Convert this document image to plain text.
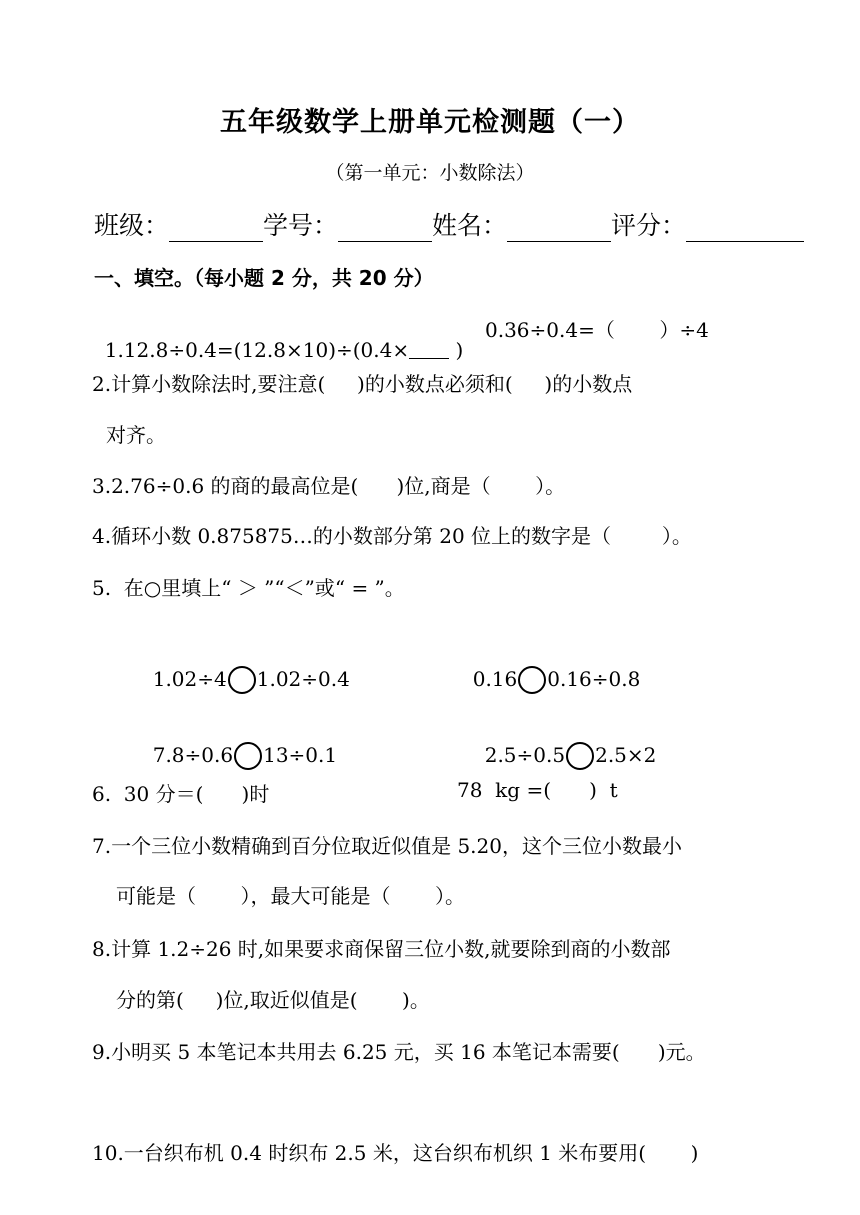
五年级数学上册单元检测题（一）
（第一单元：小数除法）
班级：	学号：	姓名：	评分：
一、填空。（每小题 2 分，共 20 分）

1.12.8÷0.4=(12.8×10)÷(0.4× )

0.36÷0.4=（       ）÷4
2.计算小数除法时,要注意(     )的小数点必须和(     )的小数点
对齐。
3.2.76÷0.6 的商的最高位是(      )位,商是（       ）。
4.循环小数 0.875875…的小数部分第 20 位上的数字是（        ）。
5.  在○里填上“ ＞ ”“＜”或“ = ”。

1.02÷4 1.02÷0.4	0.16 0.16÷0.8

7.8÷0.6 13÷0.1	2.5÷0.5 2.5×2

6.  30 分＝(      )时	78  kg =(      )  t
7.一个三位小数精确到百分位取近似值是 5.20，这个三位小数最小
可能是（       ），最大可能是（       ）。
8.计算 1.2÷26 时,如果要求商保留三位小数,就要除到商的小数部
分的第(     )位,取近似值是(       )。
9.小明买 5 本笔记本共用去 6.25 元，买 16 本笔记本需要(      )元。
10.一台织布机 0.4 时织布 2.5 米，这台织布机织 1 米布要用(       )
